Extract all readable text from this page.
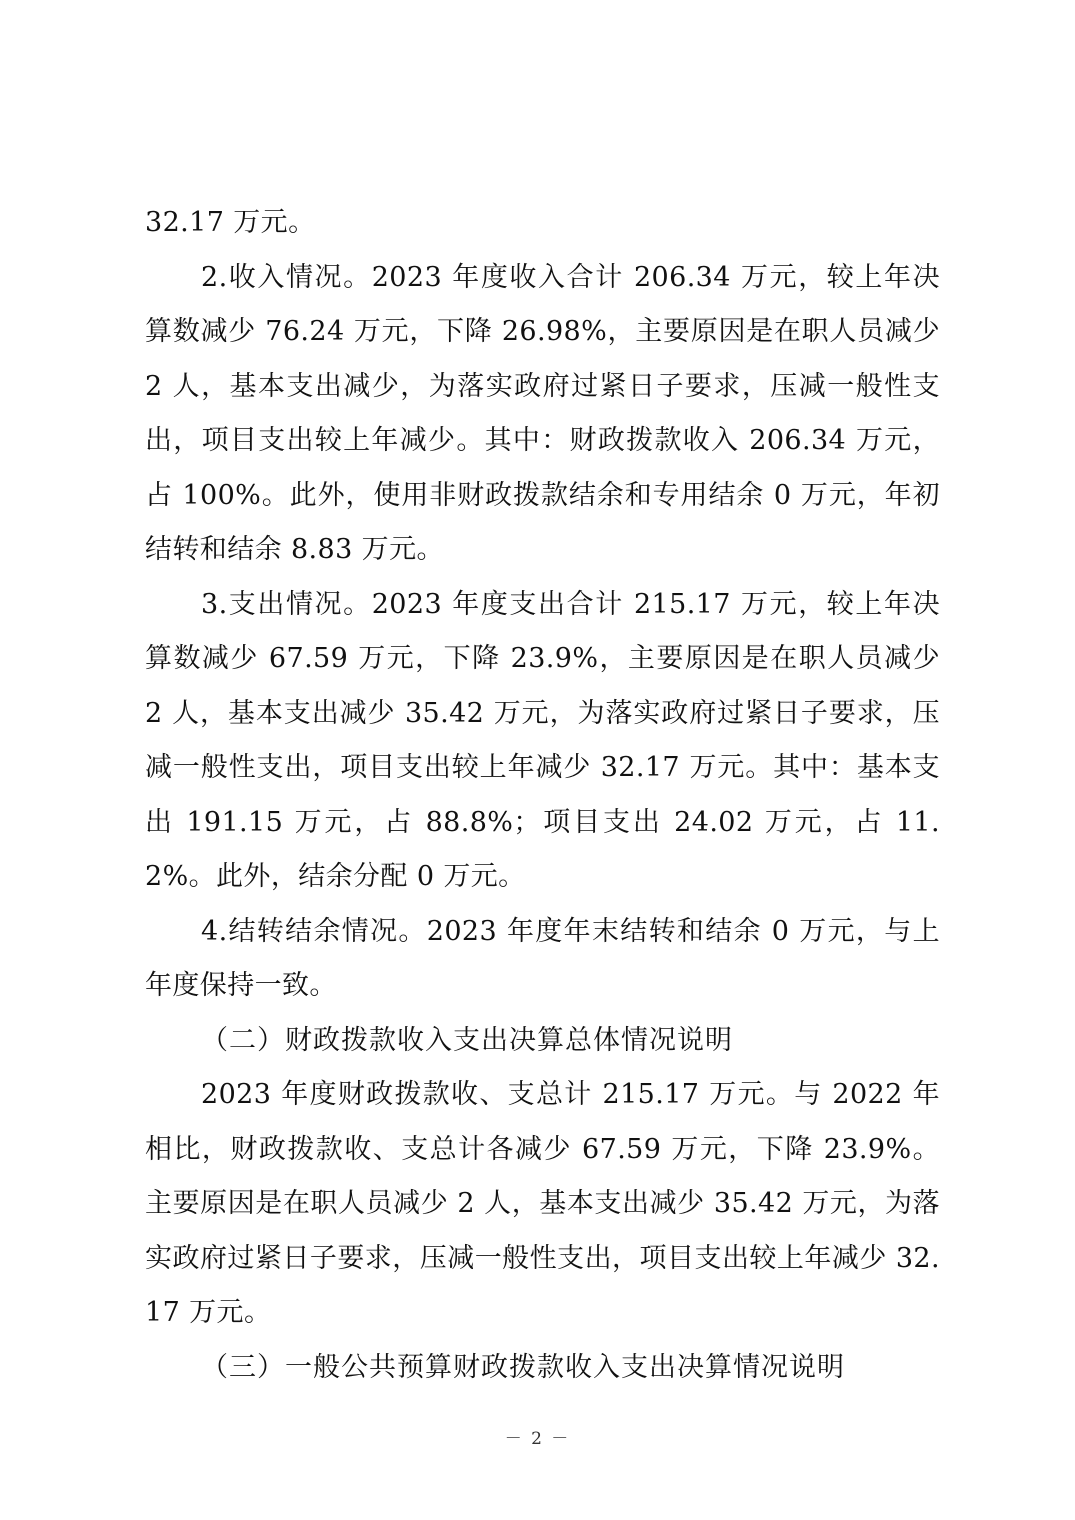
32.17 万元。

2.收入情况。2023 年度收入合计 206.34 万元，较上年决算数减少 76.24 万元，下降 26.98%，主要原因是在职人员减少 2 人，基本支出减少，为落实政府过紧日子要求，压减一般性支出，项目支出较上年减少。其中：财政拨款收入 206.34 万元，占 100%。此外，使用非财政拨款结余和专用结余 0 万元，年初结转和结余 8.83 万元。

3.支出情况。2023 年度支出合计 215.17 万元，较上年决算数减少 67.59 万元，下降 23.9%，主要原因是在职人员减少 2 人，基本支出减少 35.42 万元，为落实政府过紧日子要求，压减一般性支出，项目支出较上年减少 32.17 万元。其中：基本支出 191.15 万元，占 88.8%；项目支出 24.02 万元，占 11.2%。此外，结余分配 0 万元。

4.结转结余情况。2023 年度年末结转和结余 0 万元，与上年度保持一致。

（二）财政拨款收入支出决算总体情况说明

2023 年度财政拨款收、支总计 215.17 万元。与 2022 年相比，财政拨款收、支总计各减少 67.59 万元，下降 23.9%。主要原因是在职人员减少 2 人，基本支出减少 35.42 万元，为落实政府过紧日子要求，压减一般性支出，项目支出较上年减少 32.17 万元。

（三）一般公共预算财政拨款收入支出决算情况说明

－ 2 －
